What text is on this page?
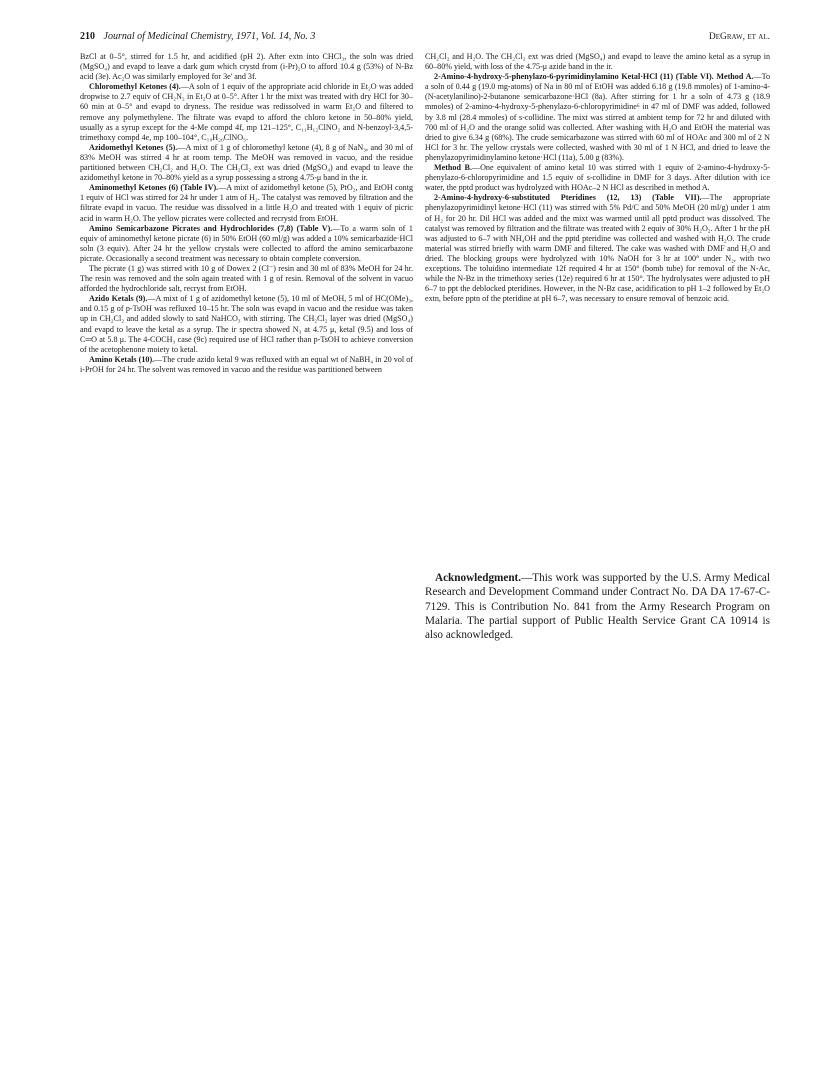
210 Journal of Medicinal Chemistry, 1971, Vol. 14, No. 3	DeGraw, et al.

BzCl at 0–5°, stirred for 1.5 hr, and acidified (pH 2). After extn into CHCl₃, the soln was dried (MgSO₄) and evapd to leave a dark gum which crystd from (i-Pr)₂O to afford 10.4 g (53%) of N-Bz acid (3e). Ac₂O was similarly employed for 3e' and 3f.

Chloromethyl Ketones (4).—A soln of 1 equiv of the appropriate acid chloride in Et₂O was added dropwise to 2.7 equiv of CH₂N₂ in Et₂O at 0–5°. After 1 hr the mixt was treated with dry HCl for 30–60 min at 0–5° and evapd to dryness. The residue was redissolved in warm Et₂O and filtered to remove any polymethylene. The filtrate was evapd to afford the chloro ketone in 50–80% yield, usually as a syrup except for the 4-Me compd 4f, mp 121–125°, C₁₁H₁₂ClNO₂ and N-benzoyl-3,4,5-trimethoxy compd 4e, mp 100–104°, C₁₉H₂₀ClNO₅.

Azidomethyl Ketones (5).—A mixt of 1 g of chloromethyl ketone (4), 8 g of NaN₃, and 30 ml of 83% MeOH was stirred 4 hr at room temp. The MeOH was removed in vacuo, and the residue partitioned between CH₂Cl₂ and H₂O. The CH₂Cl₂ ext was dried (MgSO₄) and evapd to leave the azidomethyl ketone in 70–80% yield as a syrup possessing a strong 4.75-μ band in the ir.

Aminomethyl Ketones (6) (Table IV).—A mixt of azidomethyl ketone (5), PtO₂, and EtOH contg 1 equiv of HCl was stirred for 24 hr under 1 atm of H₂. The catalyst was removed by filtration and the filtrate evapd in vacuo. The residue was dissolved in a little H₂O and treated with 1 equiv of picric acid in warm H₂O. The yellow picrates were collected and recrystd from EtOH.

Amino Semicarbazone Picrates and Hydrochlorides (7,8) (Table V).—To a warm soln of 1 equiv of aminomethyl ketone picrate (6) in 50% EtOH (60 ml/g) was added a 10% semicarbazide·HCl soln (3 equiv). After 24 hr the yellow crystals were collected to afford the amino semicarbazone picrate. Occasionally a second treatment was necessary to obtain complete conversion.

The picrate (1 g) was stirred with 10 g of Dowex 2 (Cl⁻) resin and 30 ml of 83% MeOH for 24 hr. The resin was removed and the soln again treated with 1 g of resin. Removal of the solvent in vacuo afforded the hydrochloride salt, recryst from EtOH.

Azido Ketals (9).—A mixt of 1 g of azidomethyl ketone (5), 10 ml of MeOH, 5 ml of HC(OMe)₃, and 0.15 g of p-TsOH was refluxed 10–15 hr. The soln was evapd in vacuo and the residue was taken up in CH₂Cl₂ and added slowly to satd NaHCO₃ with stirring. The CH₂Cl₂ layer was dried (MgSO₄) and evapd to leave the ketal as a syrup. The ir spectra showed N₃ at 4.75 μ, ketal (9.5) and loss of C═O at 5.8 μ. The 4-COCH₃ case (9c) required use of HCl rather than p-TsOH to achieve conversion of the acetophenone moiety to ketal.

Amino Ketals (10).—The crude azido ketal 9 was refluxed with an equal wt of NaBH₄ in 20 vol of i-PrOH for 24 hr. The solvent was removed in vacuo and the residue was partitioned between

CH₂Cl₂ and H₂O. The CH₂Cl₂ ext was dried (MgSO₄) and evapd to leave the amino ketal as a syrup in 60–80% yield, with loss of the 4.75-μ azide band in the ir.

2-Amino-4-hydroxy-5-phenylazo-6-pyrimidinylamino Ketal·HCl (11) (Table VI). Method A.—To a soln of 0.44 g (19.0 mg-atoms) of Na in 80 ml of EtOH was added 6.18 g (19.8 mmoles) of 1-amino-4-(N-acetylanilino)-2-butanone semicarbazone·HCl (8a). After stirring for 1 hr a soln of 4.73 g (18.9 mmoles) of 2-amino-4-hydroxy-5-phenylazo-6-chloropyrimidine⁶ in 47 ml of DMF was added, followed by 3.8 ml (28.4 mmoles) of s-collidine. The mixt was stirred at ambient temp for 72 hr and diluted with 700 ml of H₂O and the orange solid was collected. After washing with H₂O and EtOH the material was dried to give 6.34 g (68%). The crude semicarbazone was stirred with 60 ml of HOAc and 300 ml of 2 N HCl for 3 hr. The yellow crystals were collected, washed with 30 ml of 1 N HCl, and dried to leave the phenylazopyrimidinylamino ketone·HCl (11a), 5.00 g (83%).

Method B.—One equivalent of amino ketal 10 was stirred with 1 equiv of 2-amino-4-hydroxy-5-phenylazo-6-chloropyrimidine and 1.5 equiv of s-collidine in DMF for 3 days. After dilution with ice water, the pptd product was hydrolyzed with HOAc–2 N HCl as described in method A.

2-Amino-4-hydroxy-6-substituted Pteridines (12, 13) (Table VII).—The appropriate phenylazopyrimidinyl ketone·HCl (11) was stirred with 5% Pd/C and 50% MeOH (20 ml/g) under 1 atm of H₂ for 20 hr. Dil HCl was added and the mixt was warmed until all pptd product was dissolved. The catalyst was removed by filtration and the filtrate was treated with 2 equiv of 30% H₂O₂. After 1 hr the pH was adjusted to 6–7 with NH₄OH and the pptd pteridine was collected and washed with H₂O. The crude material was stirred briefly with warm DMF and filtered. The cake was washed with DMF and H₂O and dried. The blocking groups were hydrolyzed with 10% NaOH for 3 hr at 100° under N₂, with two exceptions. The toluidino intermediate 12f required 4 hr at 150° (bomb tube) for removal of the N-Ac, while the N-Bz in the trimethoxy series (12e) required 6 hr at 150°. The hydrolysates were adjusted to pH 6–7 to ppt the deblocked pteridines. However, in the N-Bz case, acidification to pH 1–2 followed by Et₂O extn, before pptn of the pteridine at pH 6–7, was necessary to ensure removal of benzoic acid.

Acknowledgment.—This work was supported by the U.S. Army Medical Research and Development Command under Contract No. DA DA 17-67-C-7129. This is Contribution No. 841 from the Army Research Program on Malaria. The partial support of Public Health Service Grant CA 10914 is also acknowledged.
